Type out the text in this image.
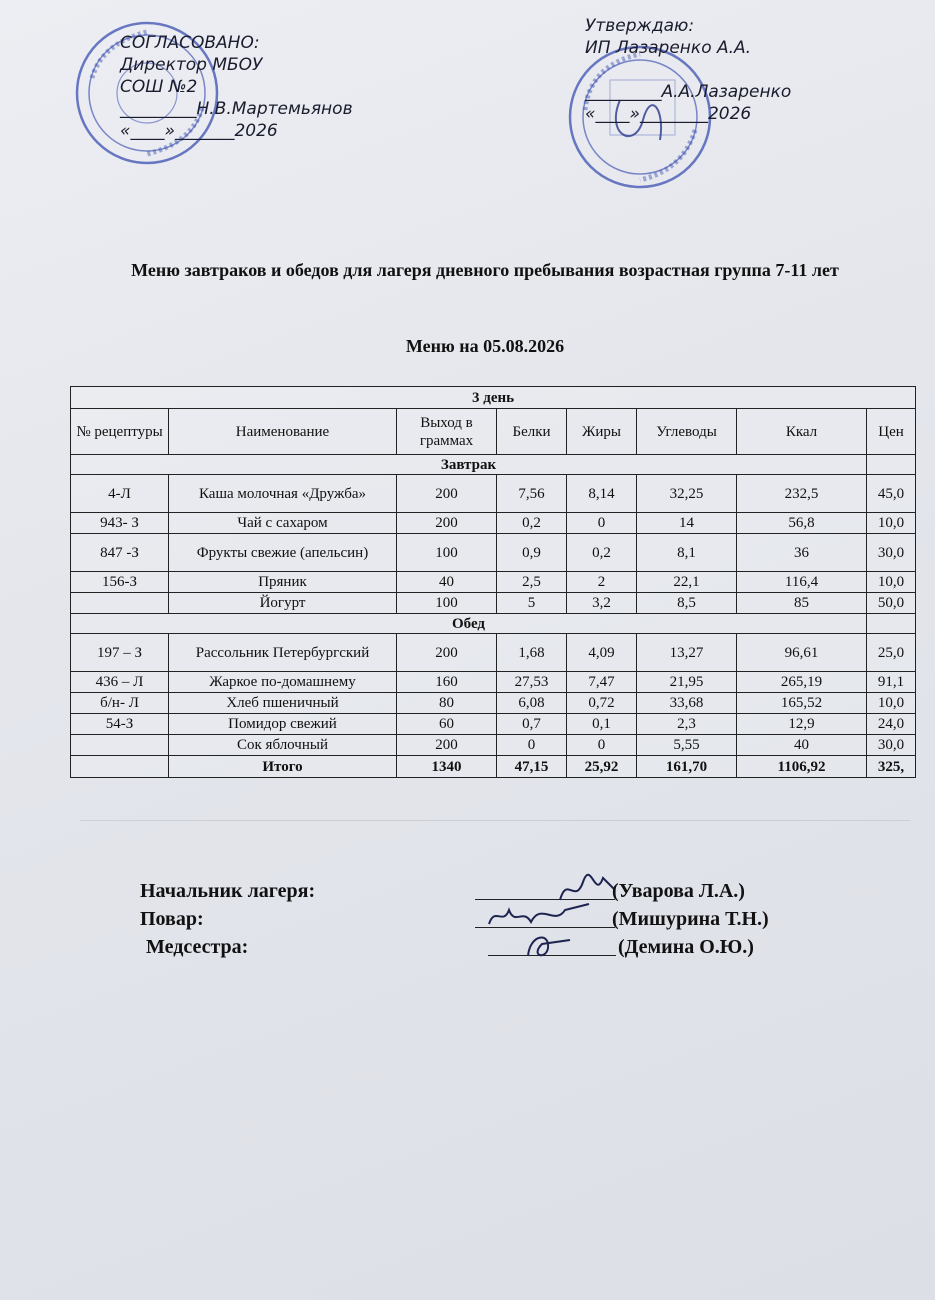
СОГЛАСОВАНО:
Директор МБОУ
СОШ №2
_________Н.В.Мартемьянов
«____»_______2026
Утверждаю:
ИП Лазаренко А.А.
_________А.А.Лазаренко
«____»________2026
Меню завтраков и обедов для лагеря дневного пребывания возрастная группа 7-11 лет
Меню на 05.08.2026
3 день							
№ рецептуры	Наименование	Выход в граммах	Белки	Жиры	Углеводы	Ккал	Цен
Завтрак							
4-Л	Каша молочная «Дружба»	200	7,56	8,14	32,25	232,5	45,0
943- З	Чай с сахаром	200	0,2	0	14	56,8	10,0
847 -З	Фрукты свежие (апельсин)	100	0,9	0,2	8,1	36	30,0
156-З	Пряник	40	2,5	2	22,1	116,4	10,0
	Йогурт	100	5	3,2	8,5	85	50,0
Обед							
197 – З	Рассольник Петербургский	200	1,68	4,09	13,27	96,61	25,0
436 – Л	Жаркое по-домашнему	160	27,53	7,47	21,95	265,19	91,1
б/н- Л	Хлеб пшеничный	80	6,08	0,72	33,68	165,52	10,0
54-З	Помидор свежий	60	0,7	0,1	2,3	12,9	24,0
	Сок яблочный	200	0	0	5,55	40	30,0
	Итого	1340	47,15	25,92	161,70	1106,92	325,
Начальник лагеря:	(Уварова Л.А.)
Повар:	(Мишурина Т.Н.)
Медсестра:	(Демина О.Ю.)
